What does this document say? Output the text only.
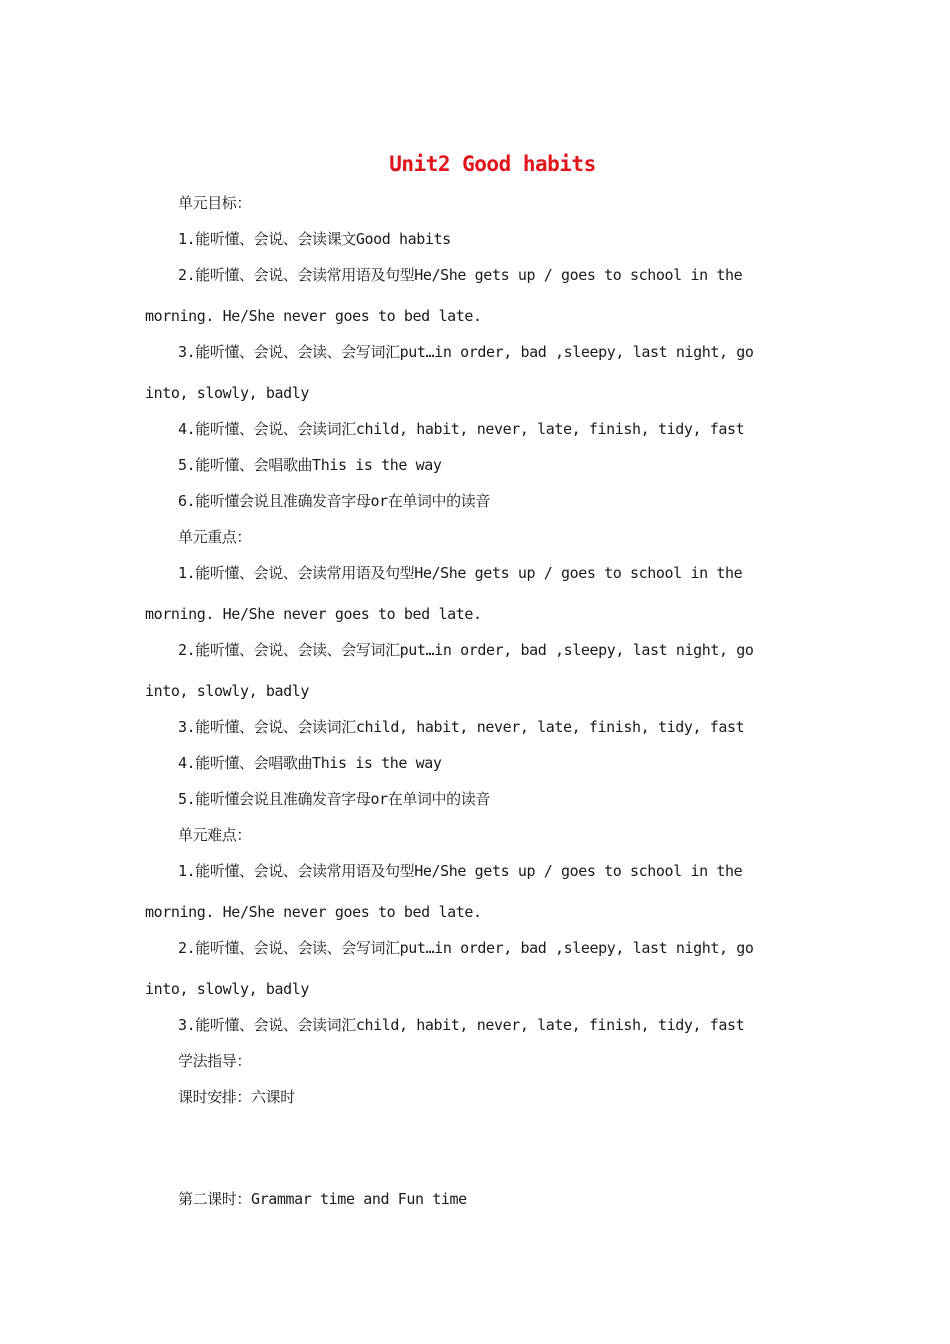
Unit2 Good habits
单元目标：
1.能听懂、会说、会读课文Good habits
2.能听懂、会说、会读常用语及句型He/She gets up / goes to school in the
morning. He/She never goes to bed late.
3.能听懂、会说、会读、会写词汇put…in order, bad ,sleepy, last night, go
into, slowly, badly
4.能听懂、会说、会读词汇child, habit, never, late, finish, tidy, fast
5.能听懂、会唱歌曲This is the way
6.能听懂会说且准确发音字母or在单词中的读音
单元重点：
1.能听懂、会说、会读常用语及句型He/She gets up / goes to school in the
morning. He/She never goes to bed late.
2.能听懂、会说、会读、会写词汇put…in order, bad ,sleepy, last night, go
into, slowly, badly
3.能听懂、会说、会读词汇child, habit, never, late, finish, tidy, fast
4.能听懂、会唱歌曲This is the way
5.能听懂会说且准确发音字母or在单词中的读音
单元难点：
1.能听懂、会说、会读常用语及句型He/She gets up / goes to school in the
morning. He/She never goes to bed late.
2.能听懂、会说、会读、会写词汇put…in order, bad ,sleepy, last night, go
into, slowly, badly
3.能听懂、会说、会读词汇child, habit, never, late, finish, tidy, fast
学法指导：
课时安排：六课时
第二课时：Grammar time and Fun time
